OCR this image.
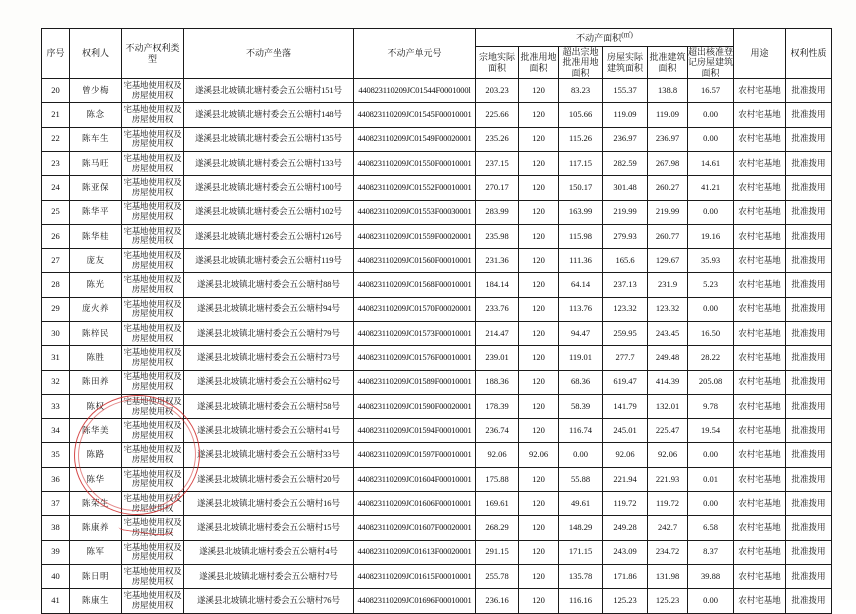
序号	权利人	不动产权利类型	不动产坐落	不动产单元号	不动产面积(㎡)						用途	权利性质
					宗地实际面积	批准用地面积	超出宗地批准用地面积	房屋实际建筑面积	批准建筑面积	超出核准登记房屋建筑面积		
20	曾少梅	宅基地使用权及房屋使用权	遂溪县北坡镇北塘村委会五公塘村151号	440823110209JC01544F0001000l	203.23	120	83.23	155.37	138.8	16.57	农村宅基地	批准拨用
21	陈念	宅基地使用权及房屋使用权	遂溪县北坡镇北塘村委会五公塘村148号	440823110209JC01545F00010001	225.66	120	105.66	119.09	119.09	0.00	农村宅基地	批准拨用
22	陈车生	宅基地使用权及房屋使用权	遂溪县北坡镇北塘村委会五公塘村135号	440823110209JC01549F00020001	235.26	120	115.26	236.97	236.97	0.00	农村宅基地	批准拨用
23	陈马旺	宅基地使用权及房屋使用权	遂溪县北坡镇北塘村委会五公塘村133号	440823110209JC01550F00010001	237.15	120	117.15	282.59	267.98	14.61	农村宅基地	批准拨用
24	陈亚保	宅基地使用权及房屋使用权	遂溪县北坡镇北塘村委会五公塘村100号	440823110209JC01552F00010001	270.17	120	150.17	301.48	260.27	41.21	农村宅基地	批准拨用
25	陈华平	宅基地使用权及房屋使用权	遂溪县北坡镇北塘村委会五公塘村102号	440823110209JC01553F00030001	283.99	120	163.99	219.99	219.99	0.00	农村宅基地	批准拨用
26	陈华桂	宅基地使用权及房屋使用权	遂溪县北坡镇北塘村委会五公塘村126号	440823110209JC01559F00020001	235.98	120	115.98	279.93	260.77	19.16	农村宅基地	批准拨用
27	庞友	宅基地使用权及房屋使用权	遂溪县北坡镇北塘村委会五公塘村119号	440823110209JC01560F00010001	231.36	120	111.36	165.6	129.67	35.93	农村宅基地	批准拨用
28	陈光	宅基地使用权及房屋使用权	遂溪县北坡镇北塘村委会五公塘村88号	440823110209JC01568F00010001	184.14	120	64.14	237.13	231.9	5.23	农村宅基地	批准拨用
29	庞火养	宅基地使用权及房屋使用权	遂溪县北坡镇北塘村委会五公塘村94号	440823110209JC01570F00020001	233.76	120	113.76	123.32	123.32	0.00	农村宅基地	批准拨用
30	陈梓民	宅基地使用权及房屋使用权	遂溪县北坡镇北塘村委会五公塘村79号	440823110209JC01573F00010001	214.47	120	94.47	259.95	243.45	16.50	农村宅基地	批准拨用
31	陈胜	宅基地使用权及房屋使用权	遂溪县北坡镇北塘村委会五公塘村73号	440823110209JC01576F00010001	239.01	120	119.01	277.7	249.48	28.22	农村宅基地	批准拨用
32	陈田养	宅基地使用权及房屋使用权	遂溪县北坡镇北塘村委会五公塘村62号	440823110209JC01589F00010001	188.36	120	68.36	619.47	414.39	205.08	农村宅基地	批准拨用
33	陈权	宅基地使用权及房屋使用权	遂溪县北坡镇北塘村委会五公塘村58号	440823110209JC01590F00020001	178.39	120	58.39	141.79	132.01	9.78	农村宅基地	批准拨用
34	陈华美	宅基地使用权及房屋使用权	遂溪县北坡镇北塘村委会五公塘村41号	440823110209JC01594F00010001	236.74	120	116.74	245.01	225.47	19.54	农村宅基地	批准拨用
35	陈路	宅基地使用权及房屋使用权	遂溪县北坡镇北塘村委会五公塘村33号	440823110209JC01597F00010001	92.06	92.06	0.00	92.06	92.06	0.00	农村宅基地	批准拨用
36	陈华	宅基地使用权及房屋使用权	遂溪县北坡镇北塘村委会五公塘村20号	440823110209JC01604F00010001	175.88	120	55.88	221.94	221.93	0.01	农村宅基地	批准拨用
37	陈荣生	宅基地使用权及房屋使用权	遂溪县北坡镇北塘村委会五公塘村16号	440823110209JC01606F00010001	169.61	120	49.61	119.72	119.72	0.00	农村宅基地	批准拨用
38	陈康养	宅基地使用权及房屋使用权	遂溪县北坡镇北塘村委会五公塘村15号	440823110209JC01607F00020001	268.29	120	148.29	249.28	242.7	6.58	农村宅基地	批准拨用
39	陈军	宅基地使用权及房屋使用权	遂溪县北坡镇北塘村委会五公塘村4号	440823110209JC01613F00020001	291.15	120	171.15	243.09	234.72	8.37	农村宅基地	批准拨用
40	陈日明	宅基地使用权及房屋使用权	遂溪县北坡镇北塘村委会五公塘村7号	440823110209JC01615F00010001	255.78	120	135.78	171.86	131.98	39.88	农村宅基地	批准拨用
41	陈康生	宅基地使用权及房屋使用权	遂溪县北坡镇北塘村委会五公塘村76号	440823110209JC01696F00010001	236.16	120	116.16	125.23	125.23	0.00	农村宅基地	批准拨用
